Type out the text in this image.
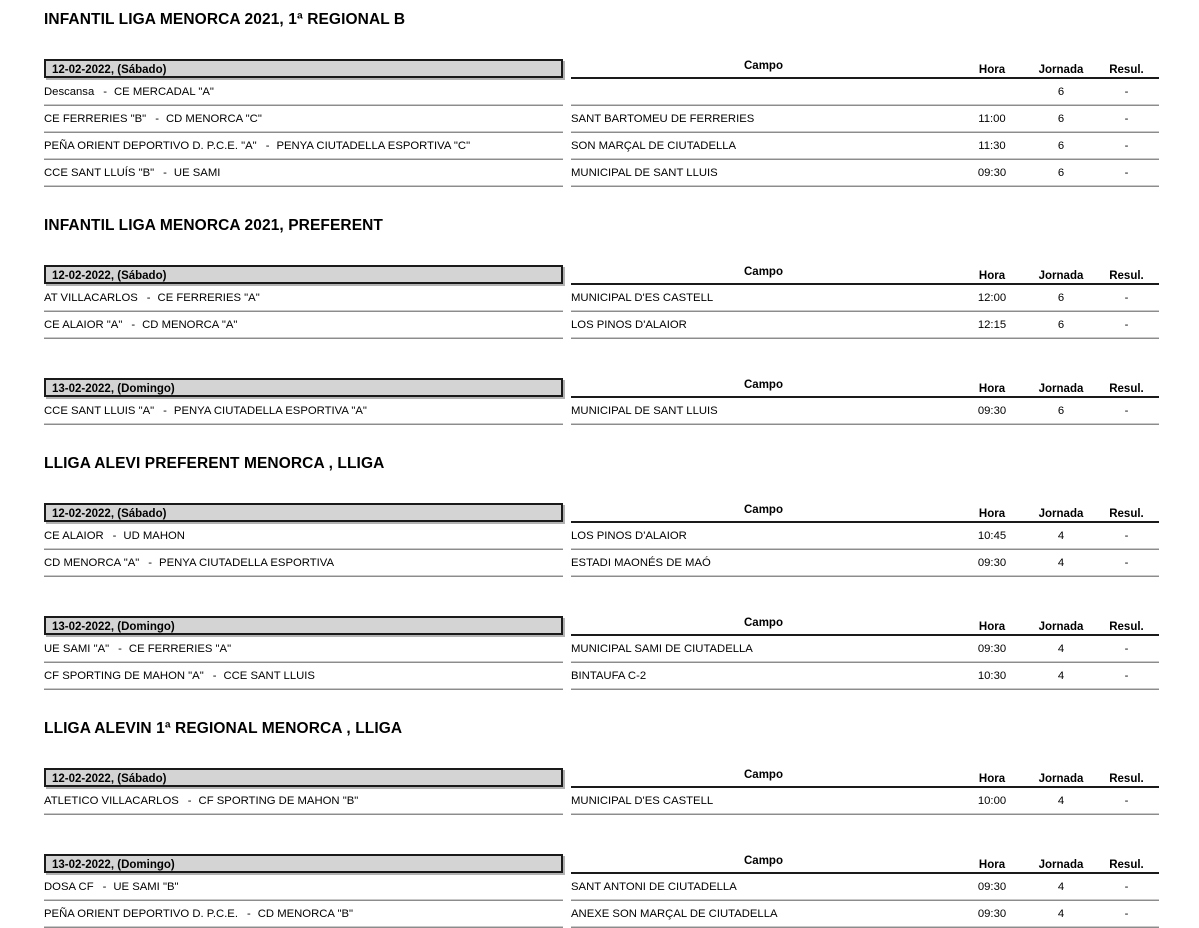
INFANTIL LIGA MENORCA 2021, 1ª REGIONAL B
12-02-2022, (Sábado)		Campo	Hora	Jornada	Resul.
Descansa - CE MERCADAL "A"				6	-
CE FERRERIES "B" - CD MENORCA "C"		SANT BARTOMEU DE FERRERIES	11:00	6	-
PEÑA ORIENT DEPORTIVO D. P.C.E. "A" - PENYA CIUTADELLA ESPORTIVA "C"		SON MARÇAL DE CIUTADELLA	11:30	6	-
CCE SANT LLUÍS "B" - UE SAMI		MUNICIPAL DE SANT LLUIS	09:30	6	-
INFANTIL LIGA MENORCA 2021, PREFERENT
12-02-2022, (Sábado)		Campo	Hora	Jornada	Resul.
AT VILLACARLOS - CE FERRERIES "A"		MUNICIPAL D'ES CASTELL	12:00	6	-
CE ALAIOR "A" - CD MENORCA "A"		LOS PINOS D'ALAIOR	12:15	6	-
13-02-2022, (Domingo)		Campo	Hora	Jornada	Resul.
CCE SANT LLUIS "A" - PENYA CIUTADELLA ESPORTIVA "A"		MUNICIPAL DE SANT LLUIS	09:30	6	-
LLIGA ALEVI PREFERENT MENORCA , LLIGA
12-02-2022, (Sábado)		Campo	Hora	Jornada	Resul.
CE ALAIOR - UD MAHON		LOS PINOS D'ALAIOR	10:45	4	-
CD MENORCA "A" - PENYA CIUTADELLA ESPORTIVA		ESTADI MAONÉS DE MAÓ	09:30	4	-
13-02-2022, (Domingo)		Campo	Hora	Jornada	Resul.
UE SAMI "A" - CE FERRERIES "A"		MUNICIPAL SAMI DE CIUTADELLA	09:30	4	-
CF SPORTING DE MAHON "A" - CCE SANT LLUIS		BINTAUFA C-2	10:30	4	-
LLIGA ALEVIN 1ª REGIONAL MENORCA , LLIGA
12-02-2022, (Sábado)		Campo	Hora	Jornada	Resul.
ATLETICO VILLACARLOS - CF SPORTING DE MAHON "B"		MUNICIPAL D'ES CASTELL	10:00	4	-
13-02-2022, (Domingo)		Campo	Hora	Jornada	Resul.
DOSA CF - UE SAMI "B"		SANT ANTONI DE CIUTADELLA	09:30	4	-
PEÑA ORIENT DEPORTIVO D. P.C.E. - CD MENORCA "B"		ANEXE SON MARÇAL DE CIUTADELLA	09:30	4	-
